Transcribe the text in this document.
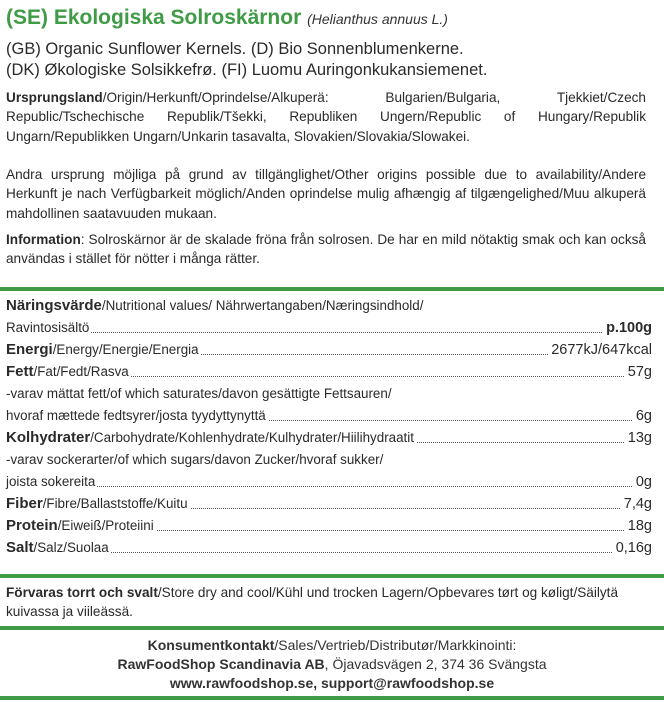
(SE) Ekologiska Solroskärnor (Helianthus annuus L.)
(GB) Organic Sunflower Kernels. (D) Bio Sonnenblumenkerne.
(DK) Økologiske Solsikkefrø. (FI) Luomu Auringonkukansiemenet.
Ursprungsland/Origin/Herkunft/Oprindelse/Alkuperä: Bulgarien/Bulgaria, Tjekkiet/Czech Republic/Tschechische Republik/Tšekki, Republiken Ungern/Republic of Hungary/Republik Ungarn/Republikken Ungarn/Unkarin tasavalta, Slovakien/Slovakia/Slowakei.
Andra ursprung möjliga på grund av tillgänglighet/Other origins possible due to availability/Andere Herkunft je nach Verfügbarkeit möglich/Anden oprindelse mulig afhængig af tilgængelighed/Muu alkuperä mahdollinen saatavuuden mukaan.
Information: Solroskärnor är de skalade fröna från solrosen. De har en mild nötaktig smak och kan också användas i stället för nötter i många rätter.
Näringsvärde/Nutritional values/ Nährwertangaben/Næringsindhold/
Ravintosisältö	p.100g
Energi/Energy/Energie/Energia	2677kJ/647kcal
Fett/Fat/Fedt/Rasva	57g
-varav mättat fett/of which saturates/davon gesättigte Fettsauren/
hvoraf mættede fedtsyrer/josta tyydyttynyttä	6g
Kolhydrater/Carbohydrate/Kohlenhydrate/Kulhydrater/Hiilihydraatit	13g
-varav sockerarter/of which sugars/davon Zucker/hvoraf sukker/
joista sokereita	0g
Fiber/Fibre/Ballaststoffe/Kuitu	7,4g
Protein/Eiweiß/Proteiini	18g
Salt/Salz/Suolaa	0,16g
Förvaras torrt och svalt/Store dry and cool/Kühl und trocken Lagern/Opbevares tørt og køligt/Säilytä kuivassa ja viileässä.
Konsumentkontakt/Sales/Vertrieb/Distributør/Markkinointi:
RawFoodShop Scandinavia AB, Öjavadsvägen 2, 374 36 Svängsta
www.rawfoodshop.se, support@rawfoodshop.se
